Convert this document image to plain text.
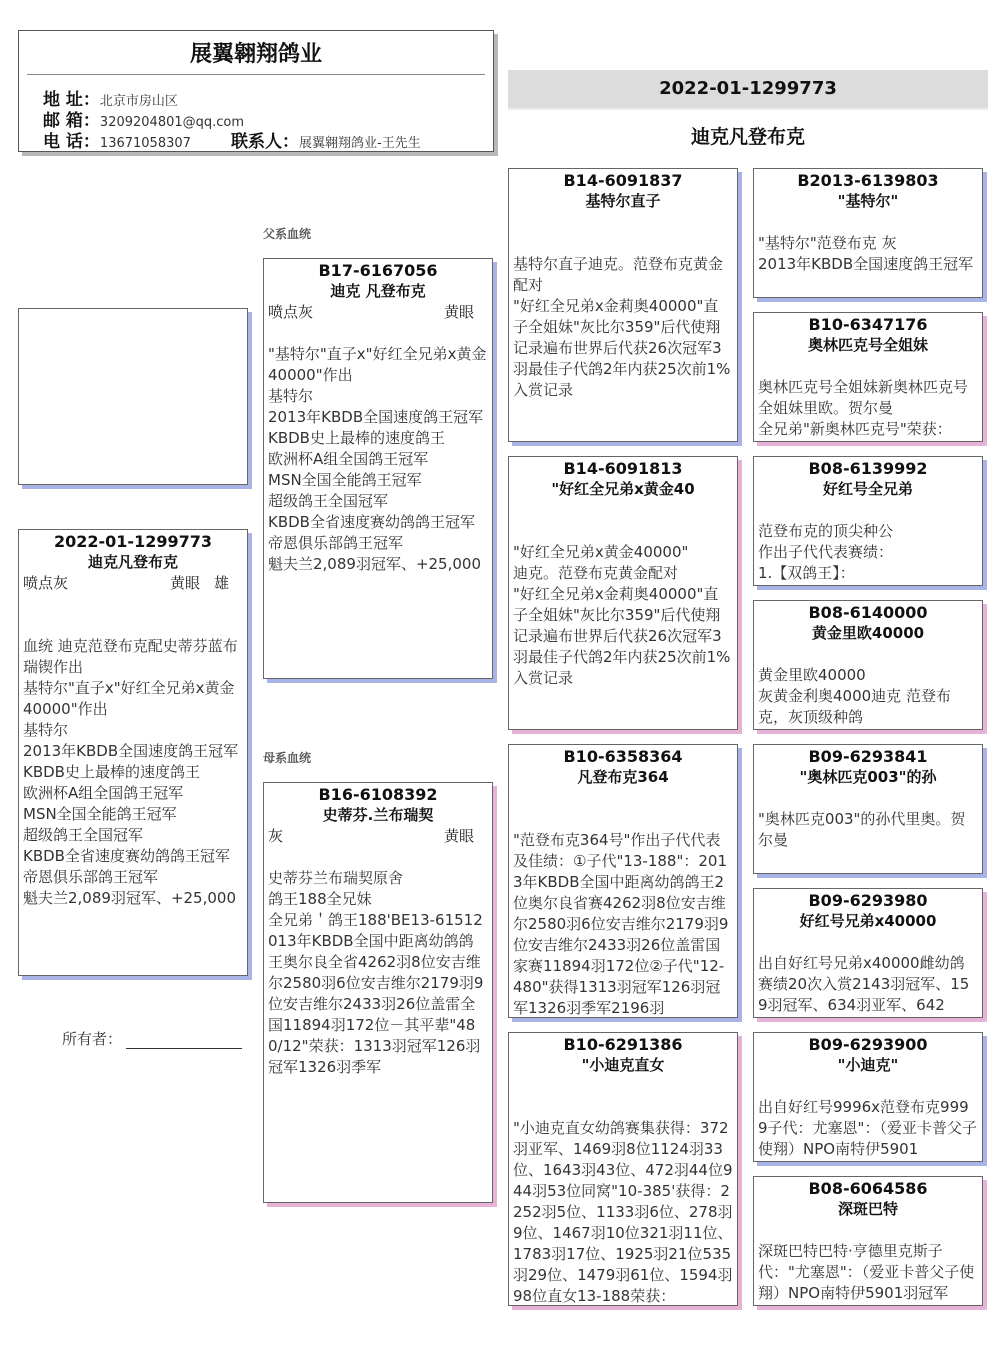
展翼翱翔鸽业
地 址：北京市房山区
邮 箱：3209204801@qq.com
电 话：13671058307 联系人：展翼翱翔鸽业-王先生
2022-01-1299773
迪克凡登布克
父系血统
母系血统
2022-01-1299773
迪克凡登布克
喷点灰	黄眼 雄
血统 迪克范登布克配史蒂芬蓝布瑞锲作出
基特尔"直子x"好红全兄弟x黄金40000"作出
基特尔
2013年KBDB全国速度鸽王冠军
KBDB史上最棒的速度鸽王
欧洲杯A组全国鸽王冠军
MSN全国全能鸽王冠军
超级鸽王全国冠军
KBDB全省速度赛幼鸽鸽王冠军
帝恩俱乐部鸽王冠军
魁夫兰2,089羽冠军、+25,000
所有者：
B17-6167056
迪克 凡登布克
喷点灰	黄眼
"基特尔"直子x"好红全兄弟x黄金40000"作出
基特尔
2013年KBDB全国速度鸽王冠军
KBDB史上最棒的速度鸽王
欧洲杯A组全国鸽王冠军
MSN全国全能鸽王冠军
超级鸽王全国冠军
KBDB全省速度赛幼鸽鸽王冠军
帝恩俱乐部鸽王冠军
魁夫兰2,089羽冠军、+25,000
B16-6108392
史蒂芬.兰布瑞契
灰	黄眼
史蒂芬兰布瑞契原舍
鸽王188全兄妹
全兄弟＇鸽王188'BE13-61512013年KBDB全国中距离幼鸽鸽王奥尔良全省4262羽8位安吉维尔2580羽6位安吉维尔2179羽9位安吉维尔2433羽26位盖雷全国11894羽172位－其平辈"480/12"荣获：1313羽冠军126羽冠军1326羽季军
B14-6091837
基特尔直子
基特尔直子迪克。范登布克黄金配对
"好红全兄弟x金莉奥40000"直子全姐妹"灰比尔359"后代使翔记录遍布世界后代获26次冠军3羽最佳子代鸽2年内获25次前1%入赏记录
B14-6091813
"好红全兄弟x黄金40
"好红全兄弟x黄金40000"
迪克。范登布克黄金配对
"好红全兄弟x金莉奥40000"直子全姐妹"灰比尔359"后代使翔记录遍布世界后代获26次冠军3羽最佳子代鸽2年内获25次前1%入赏记录
B10-6358364
凡登布克364
"范登布克364号"作出子代代表及佳绩：①子代"13-188"：2013年KBDB全国中距离幼鸽鸽王2位奥尔良省赛4262羽8位安吉维尔2580羽6位安吉维尔2179羽9位安吉维尔2433羽26位盖雷国家赛11894羽172位②子代"12-480"获得1313羽冠军126羽冠军1326羽季军2196羽
B10-6291386
"小迪克直女
"小迪克直女幼鸽赛集获得：372羽亚军、1469羽8位1124羽33位、1643羽43位、472羽44位944羽53位同窝"10-385'获得：2252羽5位、1133羽6位、278羽9位、1467羽10位321羽11位、1783羽17位、1925羽21位535羽29位、1479羽61位、1594羽98位直女13-188荣获：
B2013-6139803
"基特尔"
"基特尔"范登布克 灰
2013年KBDB全国速度鸽王冠军
B10-6347176
奥林匹克号全姐妹
奥林匹克号全姐妹新奥林匹克号全姐妹里欧。贺尔曼
全兄弟"新奥林匹克号"荣获：
B08-6139992
好红号全兄弟
范登布克的顶尖种公
作出子代代表赛绩：
1.【双鸽王】：
B08-6140000
黄金里欧40000
黄金里欧40000
灰黄金利奥4000迪克 范登布克，灰顶级种鸽
B09-6293841
"奥林匹克003"的孙
"奥林匹克003"的孙代里奥。贺尔曼
B09-6293980
好红号兄弟x40000
出自好红号兄弟x40000雌幼鸽赛绩20次入赏2143羽冠军、159羽冠军、634羽亚军、642
B09-6293900
"小迪克"
出自好红号9996x范登布克9999子代：尤塞恩"：（爱亚卡普父子使翔）NPO南特伊5901
B08-6064586
深斑巴特
深斑巴特巴特·亨德里克斯子代："尤塞恩"：（爱亚卡普父子使翔）NPO南特伊5901羽冠军
